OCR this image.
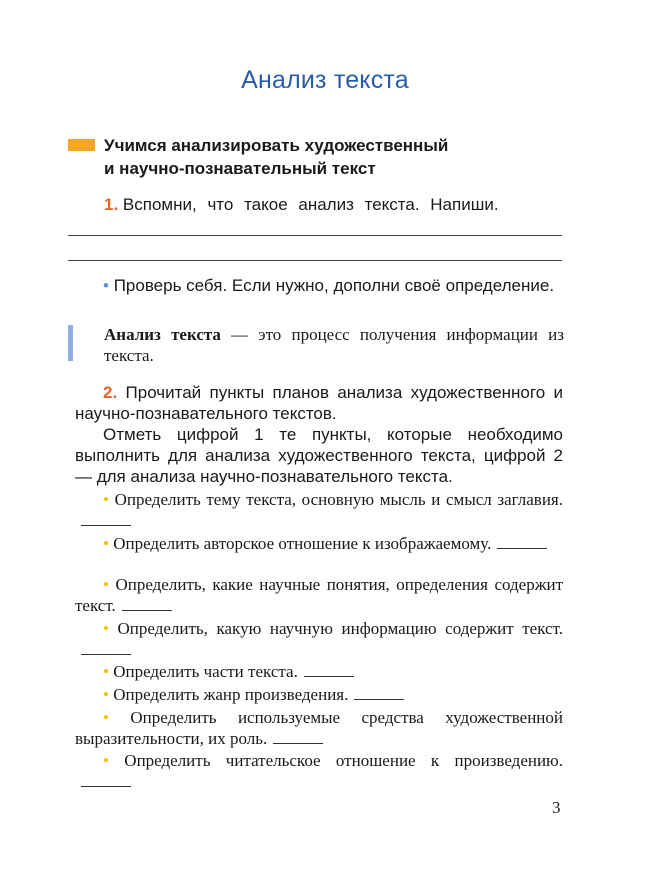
Анализ текста
Учимся анализировать художественный
и научно-познавательный текст
1. Вспомни, что такое анализ текста. Напиши.
• Проверь себя. Если нужно, дополни своё определение.
Анализ текста — это процесс получения информации из текста.
2. Прочитай пункты планов анализа художественного и научно-познавательного текстов.
Отметь цифрой 1 те пункты, которые необходимо выполнить для анализа художественного текста, цифрой 2 — для анализа научно-познавательного текста.
• Определить тему текста, основную мысль и смысл заглавия.
• Определить авторское отношение к изображаемому.
• Определить, какие научные понятия, определения содержит текст.
• Определить, какую научную информацию содержит текст.
• Определить части текста.
• Определить жанр произведения.
• Определить используемые средства художественной выразительности, их роль.
• Определить читательское отношение к произведению.
3
